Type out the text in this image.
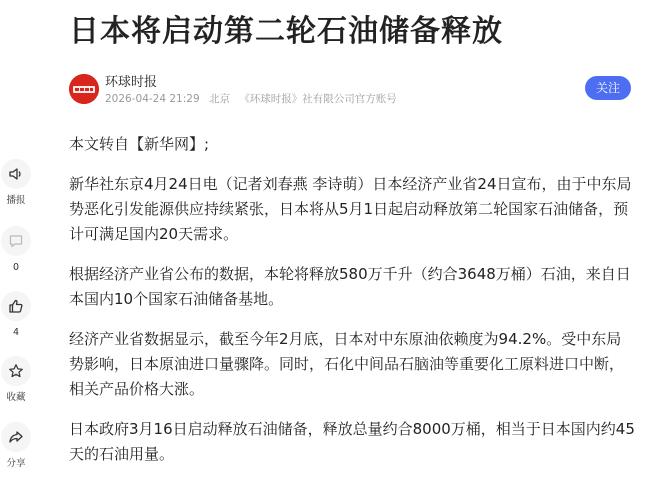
日本将启动第二轮石油储备释放
环球时报
2026-04-24 21:29 北京 《环球时报》社有限公司官方账号
关注
播报
0
4
收藏
分享

本文转自【新华网】;

新华社东京4月24日电（记者刘春燕 李诗萌）日本经济产业省24日宣布，由于中东局势恶化引发能源供应持续紧张，日本将从5月1日起启动释放第二轮国家石油储备，预计可满足国内20天需求。

根据经济产业省公布的数据，本轮将释放580万千升（约合3648万桶）石油，来自日本国内10个国家石油储备基地。

经济产业省数据显示，截至今年2月底，日本对中东原油依赖度为94.2%。受中东局势影响，日本原油进口量骤降。同时，石化中间品石脑油等重要化工原料进口中断，相关产品价格大涨。

日本政府3月16日启动释放石油储备，释放总量约合8000万桶，相当于日本国内约45天的石油用量。
